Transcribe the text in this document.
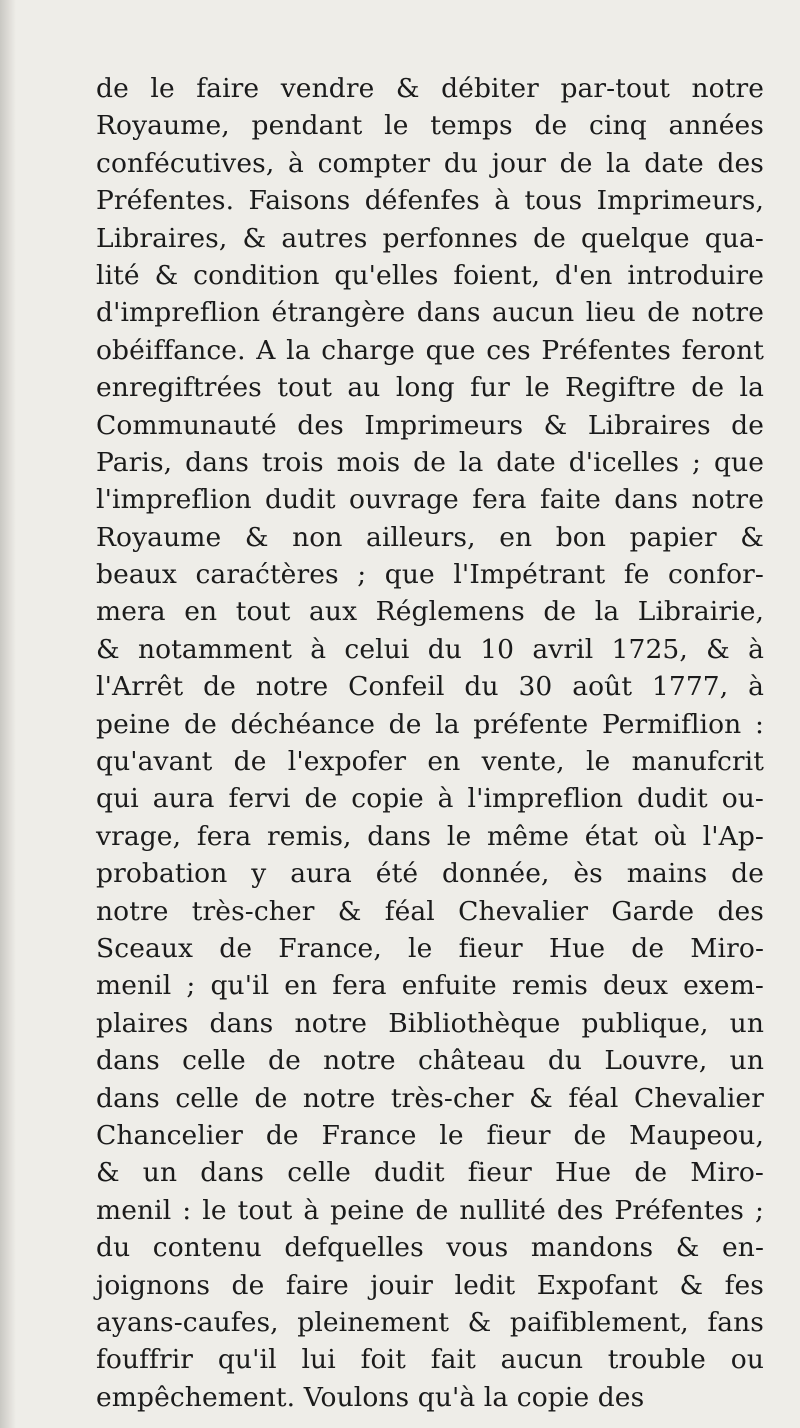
de le faire vendre & débiter par-tout notre
Royaume, pendant le temps de cinq années
confécutives, à compter du jour de la date des
Préfentes. Faisons défenfes à tous Imprimeurs,
Libraires, & autres perfonnes de quelque qua-
lité & condition qu'elles foient, d'en introduire
d'impreflion étrangère dans aucun lieu de notre
obéiffance. A la charge que ces Préfentes feront
enregiftrées tout au long fur le Regiftre de la
Communauté des Imprimeurs & Libraires de
Paris, dans trois mois de la date d'icelles ; que
l'impreflion dudit ouvrage fera faite dans notre
Royaume & non ailleurs, en bon papier &
beaux caraćtères ; que l'Impétrant fe confor-
mera en tout aux Réglemens de la Librairie,
& notamment à celui du 10 avril 1725, & à
l'Arrêt de notre Confeil du 30 août 1777, à
peine de déchéance de la préfente Permiflion :
qu'avant de l'expofer en vente, le manufcrit
qui aura fervi de copie à l'impreflion dudit ou-
vrage, fera remis, dans le même état où l'Ap-
probation y aura été donnée, ès mains de
notre très-cher & féal Chevalier Garde des
Sceaux de France, le fieur Hue de Miro-
menil ; qu'il en fera enfuite remis deux exem-
plaires dans notre Bibliothèque publique, un
dans celle de notre château du Louvre, un
dans celle de notre très-cher & féal Chevalier
Chancelier de France le fieur de Maupeou,
& un dans celle dudit fieur Hue de Miro-
menil : le tout à peine de nullité des Préfentes ;
du contenu defquelles vous mandons & en-
joignons de faire jouir ledit Expofant & fes
ayans-caufes, pleinement & paifiblement, fans
fouffrir qu'il lui foit fait aucun trouble ou
empêchement. Voulons qu'à la copie des
